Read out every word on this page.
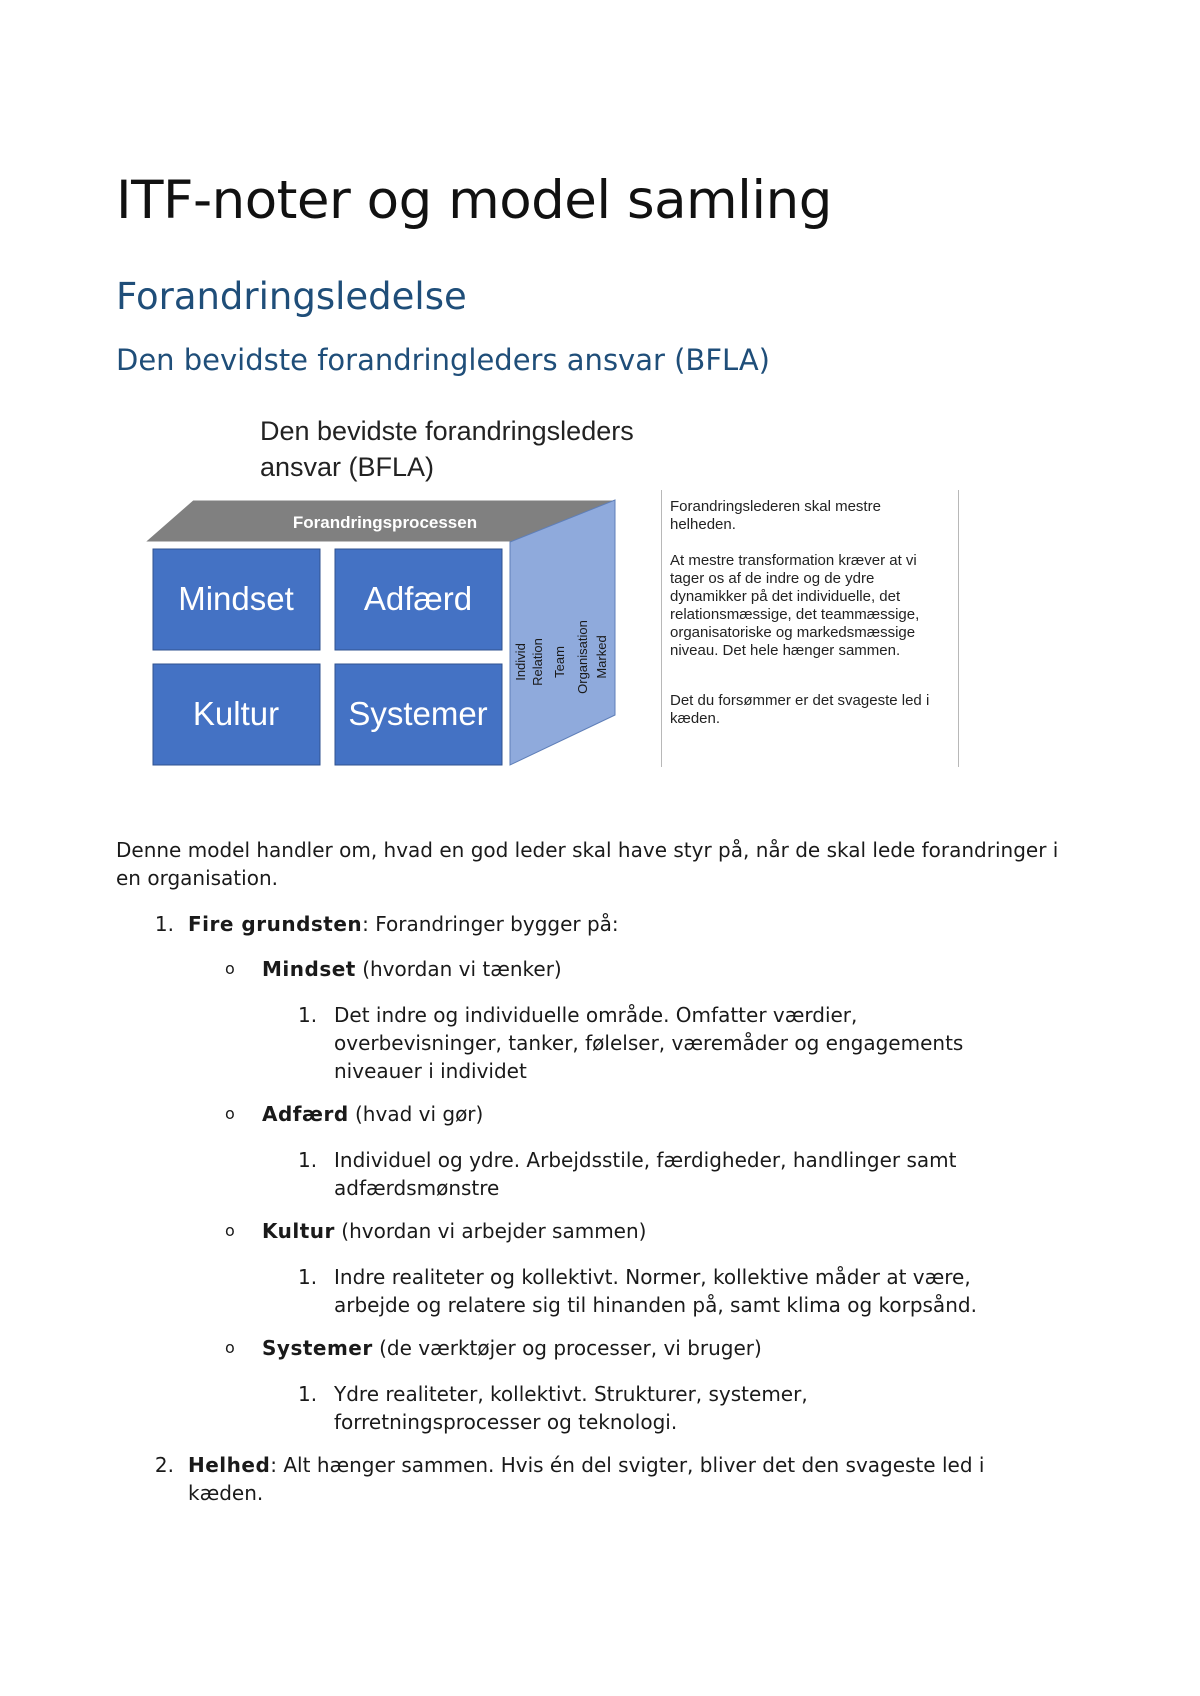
ITF-noter og model samling
Forandringsledelse
Den bevidste forandringleders ansvar (BFLA)
Den bevidste forandringsleders
ansvar (BFLA)
Forandringsprocessen
Mindset Adfærd
Kultur Systemer
Individ Relation Team Organisation Marked

Forandringslederen skal mestre helheden.

At mestre transformation kræver at vi tager os af de indre og de ydre dynamikker på det individuelle, det relationsmæssige, det teammæssige, organisatoriske og markedsmæssige niveau. Det hele hænger sammen.

Det du forsømmer er det svageste led i kæden.

Denne model handler om, hvad en god leder skal have styr på, når de skal lede forandringer i en organisation.

1. Fire grundsten: Forandringer bygger på:
o Mindset (hvordan vi tænker)
1. Det indre og individuelle område. Omfatter værdier,
overbevisninger, tanker, følelser, væremåder og engagements
niveauer i individet
o Adfærd (hvad vi gør)
1. Individuel og ydre. Arbejdsstile, færdigheder, handlinger samt
adfærdsmønstre
o Kultur (hvordan vi arbejder sammen)
1. Indre realiteter og kollektivt. Normer, kollektive måder at være,
arbejde og relatere sig til hinanden på, samt klima og korpsånd.
o Systemer (de værktøjer og processer, vi bruger)
1. Ydre realiteter, kollektivt. Strukturer, systemer,
forretningsprocesser og teknologi.
2. Helhed: Alt hænger sammen. Hvis én del svigter, bliver det den svageste led i
kæden.
